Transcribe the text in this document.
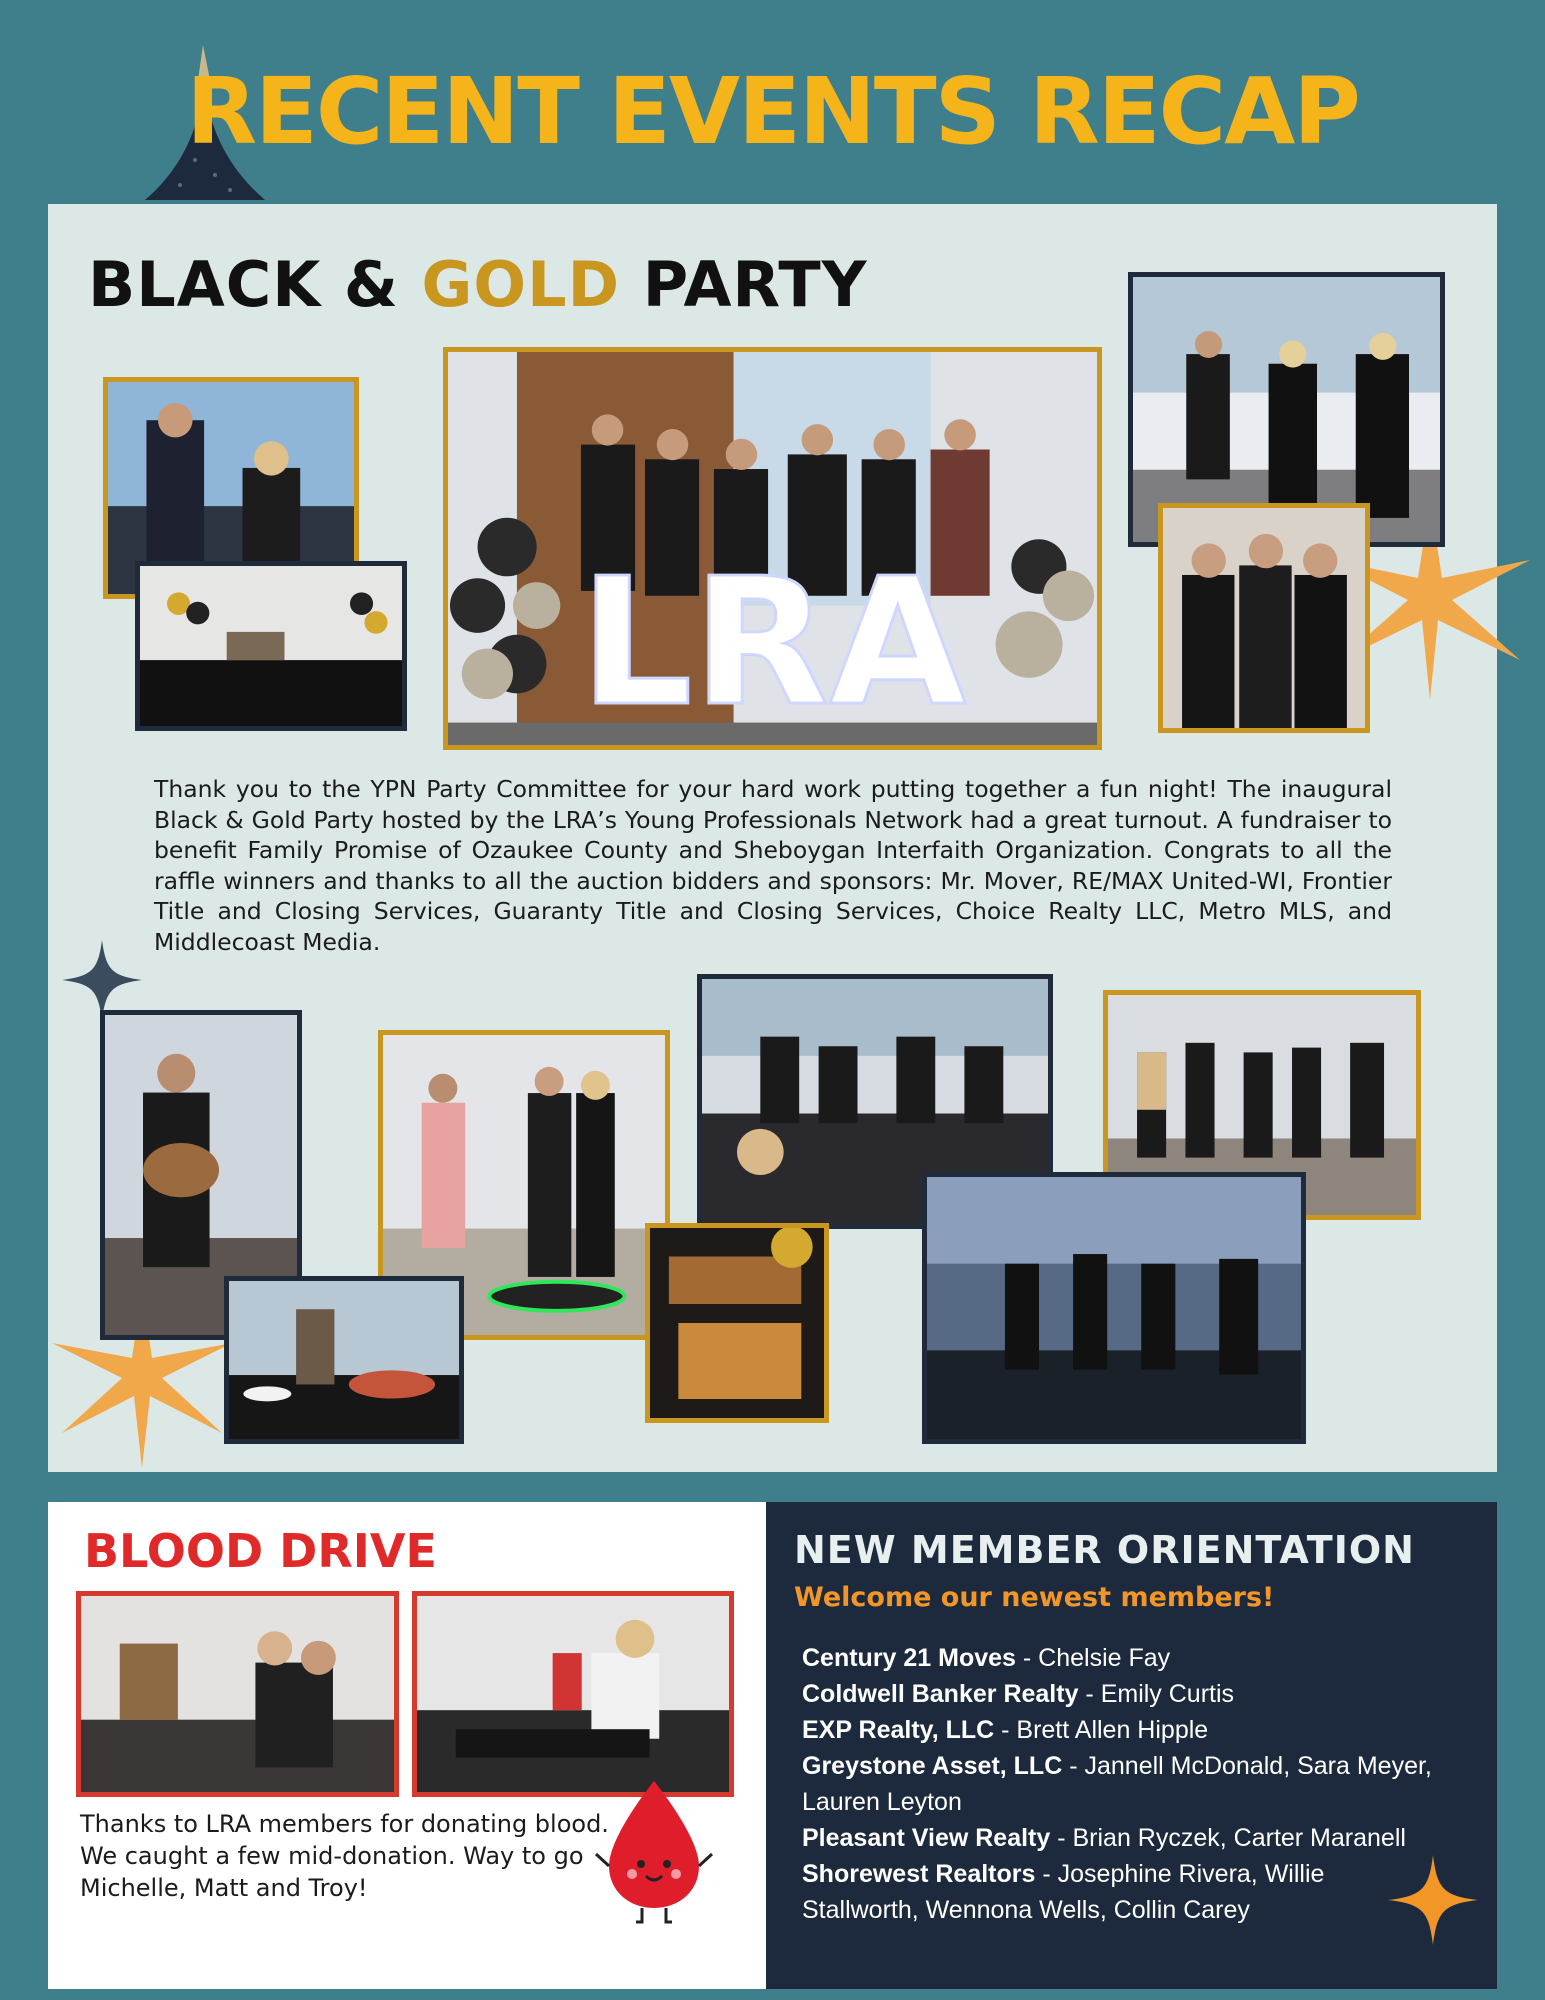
RECENT EVENTS RECAP
BLACK & GOLD PARTY
LRA
Thank you to the YPN Party Committee for your hard work putting together a fun night! The inaugural Black & Gold Party hosted by the LRA’s Young Professionals Network had a great turnout. A fundraiser to benefit Family Promise of Ozaukee County and Sheboygan Interfaith Organization. Congrats to all the raffle winners and thanks to all the auction bidders and sponsors: Mr. Mover, RE/MAX United-WI, Frontier Title and Closing Services, Guaranty Title and Closing Services, Choice Realty LLC, Metro MLS, and Middlecoast Media.
BLOOD DRIVE
Thanks to LRA members for donating blood. We caught a few mid-donation. Way to go Michelle, Matt and Troy!
NEW MEMBER ORIENTATION
Welcome our newest members!
Century 21 Moves - Chelsie Fay
Coldwell Banker Realty - Emily Curtis
EXP Realty, LLC - Brett Allen Hipple
Greystone Asset, LLC - Jannell McDonald, Sara Meyer, Lauren Leyton
Pleasant View Realty - Brian Ryczek, Carter Maranell
Shorewest Realtors - Josephine Rivera, Willie Stallworth, Wennona Wells, Collin Carey
